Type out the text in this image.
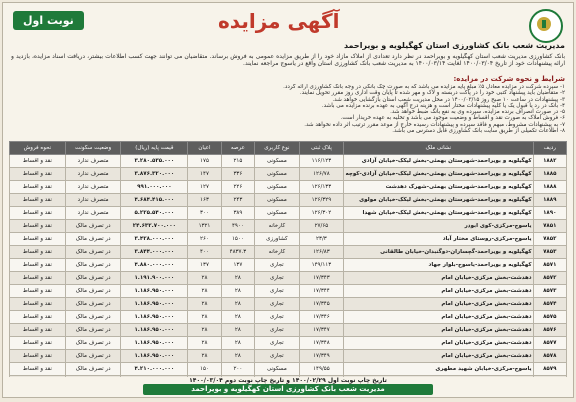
نوبت اول	آگهی مزایده
مدیریت شعب بانک کشاورزی استان کهگیلویه و بویراحمد
بانک کشاورزی مدیریت شعب استان کهگیلویه و بویراحمد در نظر دارد تعدادی از املاک مازاد خود را از طریق مزایده عمومی به فروش برساند. متقاضیان می توانند جهت کسب اطلاعات بیشتر، دریافت اسناد مزایده، بازدید و ارائه پیشنهادات خود از تاریخ ۱۴۰۰/۰۳/۰۴ لغایت ۱۴۰۰/۰۳/۱۴ به مدیریت شعب بانک کشاورزی استان واقع در یاسوج مراجعه نمایند.
شرایط و نحوه شرکت در مزایده:

۱- سپرده شرکت در مزایده معادل ۵٪ مبلغ پایه مزایده می باشد که به صورت چک بانکی در وجه بانک کشاورزی ارائه گردد.

۲- متقاضیان باید پیشنهاد کتبی خود را در پاکت دربسته و لاک و مهر شده تا پایان وقت اداری روز مقرر تحویل نمایند.

۳- پیشنهادات در ساعت ۱۰ صبح روز ۱۴۰۰/۰۳/۱۵ در محل مدیریت شعب استان بازگشایی خواهد شد.

۴- بانک در رد یا قبول یک یا کلیه پیشنهادات مختار است و هزینه درج آگهی به عهده برنده مزایده می باشد.

۵- در صورت انصراف برنده مزایده، سپرده وی به نفع بانک ضبط خواهد شد.

۶- فروش املاک به صورت نقد و اقساط و وضعیت موجود می باشد و تخلیه به عهده خریدار است.

۷- به پیشنهادات مشروط، مبهم و فاقد سپرده و پیشنهادات رسیده خارج از موعد مقرر ترتیب اثر داده نخواهد شد.

۸- اطلاعات تکمیلی از طریق سایت بانک کشاورزی قابل دسترس می باشد.

ردیف	نشانی ملک	پلاک ثبتی	نوع کاربری	عرصه	اعیان	قیمت پایه (ریال)	وضعیت سکونت	نحوه فروش
۱۸۸۲	کهگیلویه و بویراحمد-شهرستان بهمئی-بخش لیکک-خیابان آزادی	۱۱۶/۱۲۳	مسکونی	۲۱۵	۱۷۵	۳.۲۸۰.۵۳۵.۰۰۰	متصرف ندارد	نقد و اقساط
۱۸۸۵	کهگیلویه و بویراحمد-شهرستان بهمئی-بخش لیکک-خیابان آزادی-کوچه	۱۲۶/۷۸	مسکونی	۳۳۶	۱۴۷	۳.۸۷۶.۳۲۰.۰۰۰	متصرف ندارد	نقد و اقساط
۱۸۸۸	کهگیلویه و بویراحمد-شهرستان بهمئی-شهرک دهدشت	۱۲۶/۱۳۳	مسکونی	۲۲۶	۱۲۷	۹۹۱.۰۰۰.۰۰۰	متصرف ندارد	نقد و اقساط
۱۸۸۹	کهگیلویه و بویراحمد-شهرستان بهمئی-بخش لیکک-خیابان مولوی	۱۲۶/۳۲۹	مسکونی	۲۴۳	۱۶۳	۴.۶۸۴.۴۱۵.۰۰۰	متصرف ندارد	نقد و اقساط
۱۸۹۰	کهگیلویه و بویراحمد-شهرستان بهمئی-بخش لیکک-خیابان شهدا	۱۲۶/۳۰۲	مسکونی	۳۸۹	۳۰۰	۵.۲۲۵.۵۴۰.۰۰۰	متصرف ندارد	نقد و اقساط
۷۸۵۱	یاسوج-مرکزی-کوی ابوذر	۲۷/۶۵	کارخانه	۴۹۰۰	۱۳۲۱	۲۴.۶۳۲.۷۰۰.۰۰۰	در تصرف مالک	نقد و اقساط
۷۸۵۲	یاسوج-مرکزی-روستای مختار آباد	۲۳/۳	کشاورزی	۱۵۰۰	۲۶۰	۳.۴۲۸.۰۰۰.۰۰۰	در تصرف مالک	نقد و اقساط
۷۸۵۳	کهگیلویه و بویراحمد-گچساران-دوگنبدان-خیابان طالقانی	۱۲۶/۸۳	کارخانه	۴۸۳۷.۳	۴۰۰	۳.۸۴۴.۰۰۰.۰۰۰	در تصرف مالک	نقد و اقساط
۸۵۷۱	کهگیلویه و بویراحمد-یاسوج-بلوار جهاد	۱۴۹/۱۱۳	تجاری	۱۳۷	۱۳۷	۴.۸۸۰.۰۰۰.۰۰۰	در تصرف مالک	نقد و اقساط
۸۵۷۲	دهدشت-بخش مرکزی-خیابان امام	۱۷/۳۴۳	تجاری	۲۸	۲۸	۱.۱۹۱.۹۰۰.۰۰۰	در تصرف مالک	نقد و اقساط
۸۵۷۳	دهدشت-بخش مرکزی-خیابان امام	۱۷/۳۴۴	تجاری	۲۸	۲۸	۱.۱۸۶.۹۵۰.۰۰۰	در تصرف مالک	نقد و اقساط
۸۵۷۴	دهدشت-بخش مرکزی-خیابان امام	۱۷/۳۴۵	تجاری	۲۸	۲۸	۱.۱۸۶.۹۵۰.۰۰۰	در تصرف مالک	نقد و اقساط
۸۵۷۵	دهدشت-بخش مرکزی-خیابان امام	۱۷/۳۴۶	تجاری	۲۸	۲۸	۱.۱۸۶.۹۵۰.۰۰۰	در تصرف مالک	نقد و اقساط
۸۵۷۶	دهدشت-بخش مرکزی-خیابان امام	۱۷/۳۴۷	تجاری	۲۸	۲۸	۱.۱۸۶.۹۵۰.۰۰۰	در تصرف مالک	نقد و اقساط
۸۵۷۷	دهدشت-بخش مرکزی-خیابان امام	۱۷/۳۴۸	تجاری	۲۸	۲۸	۱.۱۸۶.۹۵۰.۰۰۰	در تصرف مالک	نقد و اقساط
۸۵۷۸	دهدشت-بخش مرکزی-خیابان امام	۱۷/۳۴۹	تجاری	۲۸	۲۸	۱.۱۸۶.۹۵۰.۰۰۰	در تصرف مالک	نقد و اقساط
۸۵۷۹	یاسوج-مرکزی-خیابان شهید مطهری	۱۴۹/۵۵	مسکونی	۲۰۰	۱۵۰	۴.۲۱۰.۰۰۰.۰۰۰	در تصرف مالک	نقد و اقساط

تاریخ چاپ نوبت اول ۱۴۰۰/۰۲/۲۹ و تاریخ چاپ نوبت دوم ۱۴۰۰/۰۳/۰۴
مدیریت شعب بانک کشاورزی استان کهگیلویه و بویراحمد
